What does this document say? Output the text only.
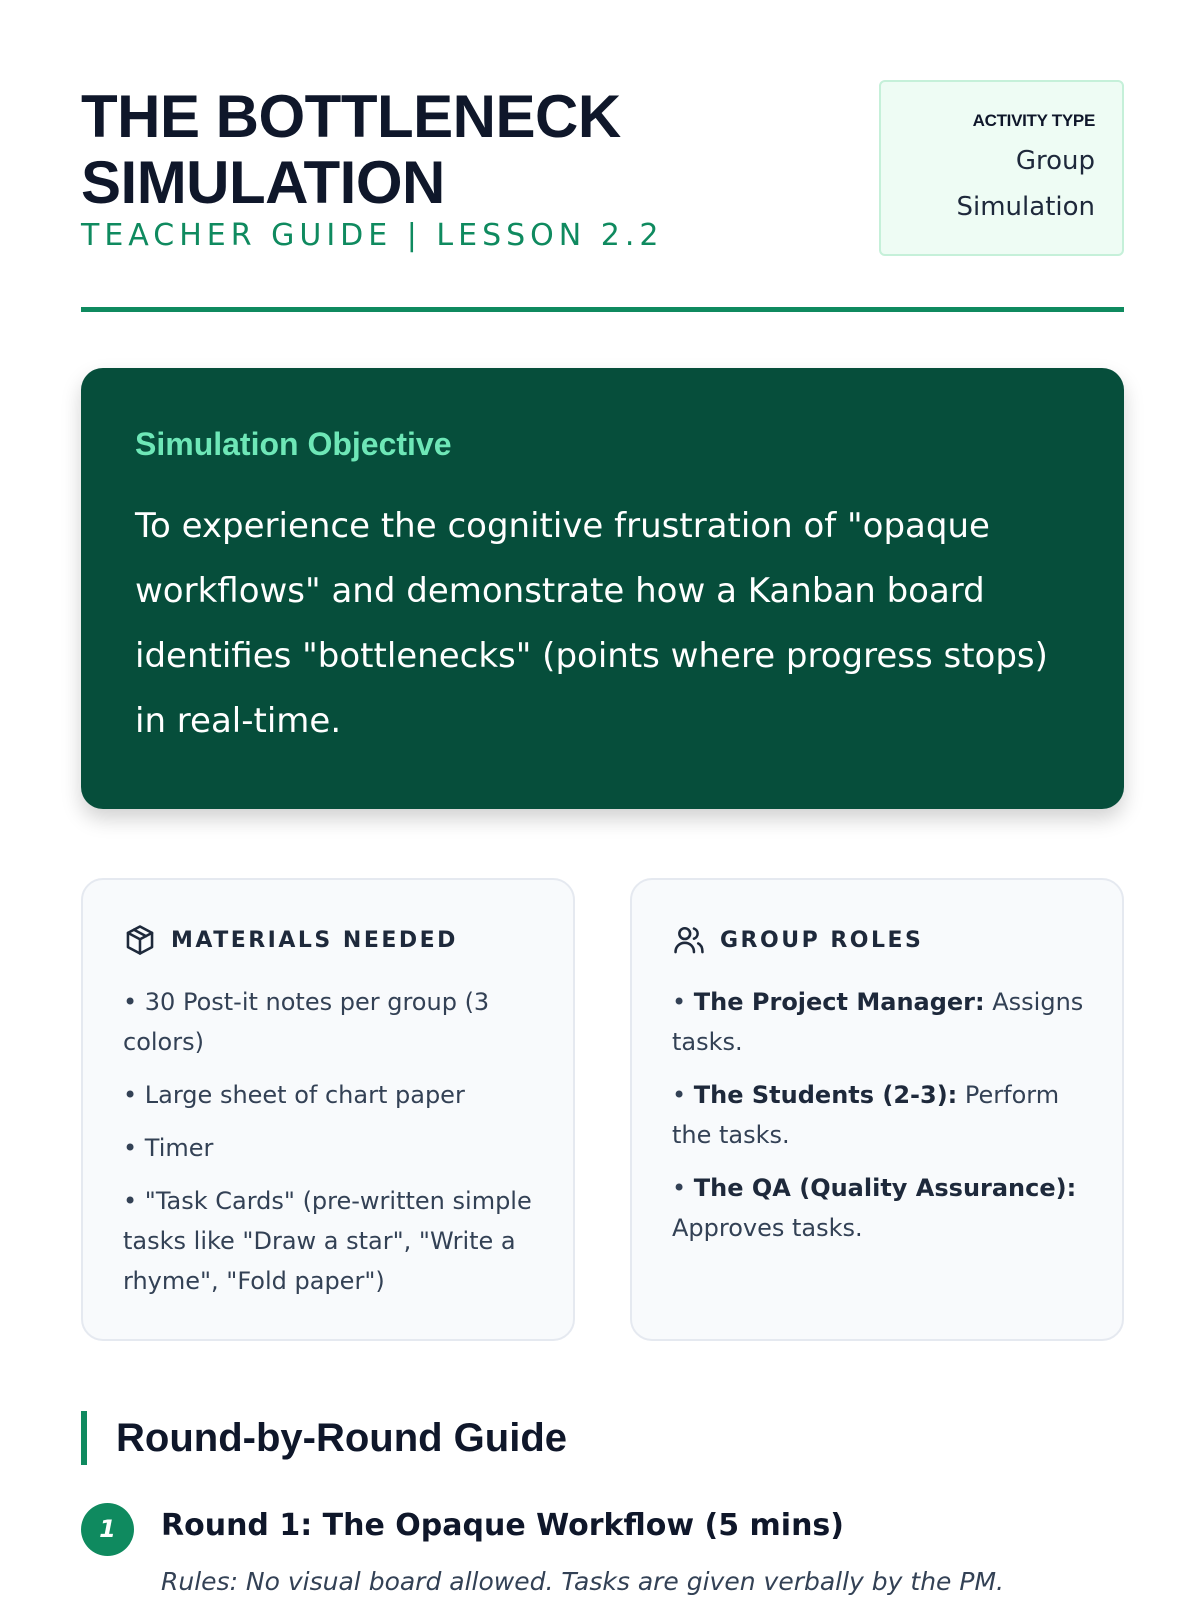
THE BOTTLENECK SIMULATION
TEACHER GUIDE | LESSON 2.2
ACTIVITY TYPE
Group Simulation
Simulation Objective

To experience the cognitive frustration of "opaque workflows" and demonstrate how a Kanban board identifies "bottlenecks" (points where progress stops) in real-time.

MATERIALS NEEDED
• 30 Post-it notes per group (3 colors)
• Large sheet of chart paper
• Timer
• "Task Cards" (pre-written simple tasks like "Draw a star", "Write a rhyme", "Fold paper")
GROUP ROLES
• The Project Manager: Assigns tasks.
• The Students (2-3): Perform the tasks.
• The QA (Quality Assurance): Approves tasks.
Round-by-Round Guide
1	Round 1: The Opaque Workflow (5 mins)
Rules: No visual board allowed. Tasks are given verbally by the PM.
